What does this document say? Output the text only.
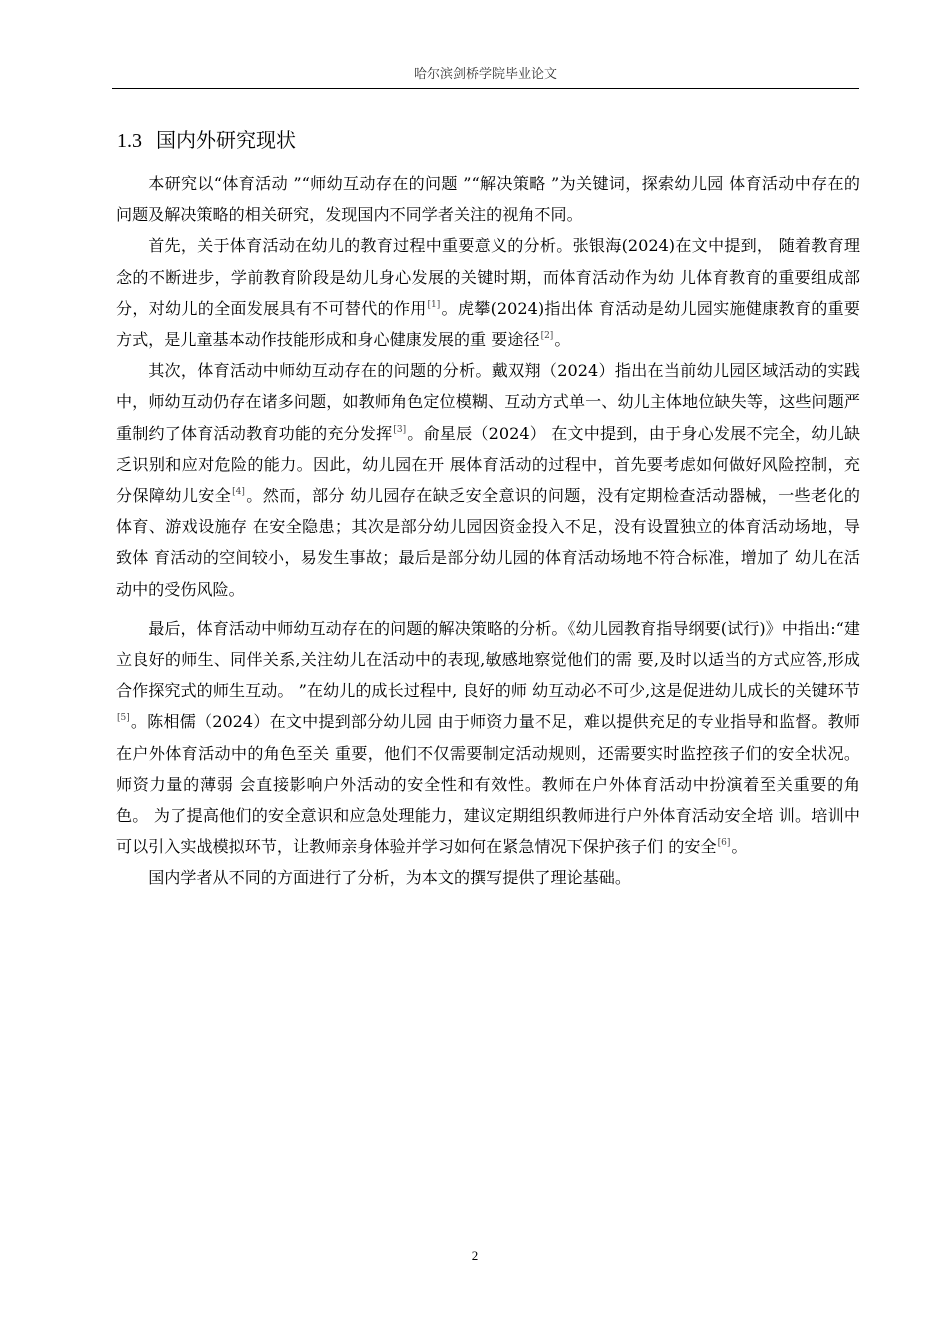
哈尔滨剑桥学院毕业论文
1.3 国内外研究现状

本研究以“体育活动 ”“师幼互动存在的问题 ”“解决策略 ”为关键词，探索幼儿园 体育活动中存在的问题及解决策略的相关研究，发现国内不同学者关注的视角不同。

首先，关于体育活动在幼儿的教育过程中重要意义的分析。张银海(2024)在文中提到， 随着教育理念的不断进步，学前教育阶段是幼儿身心发展的关键时期，而体育活动作为幼 儿体育教育的重要组成部分，对幼儿的全面发展具有不可替代的作用[1]。虎攀(2024)指出体 育活动是幼儿园实施健康教育的重要方式，是儿童基本动作技能形成和身心健康发展的重 要途径[2]。

其次，体育活动中师幼互动存在的问题的分析。戴双翔（2024）指出在当前幼儿园区域活动的实践中，师幼互动仍存在诸多问题，如教师角色定位模糊、互动方式单一、幼儿主体地位缺失等，这些问题严重制约了体育活动教育功能的充分发挥[3]。俞星辰（2024） 在文中提到，由于身心发展不完全，幼儿缺乏识别和应对危险的能力。因此，幼儿园在开 展体育活动的过程中，首先要考虑如何做好风险控制，充分保障幼儿安全[4]。然而，部分 幼儿园存在缺乏安全意识的问题，没有定期检查活动器械，一些老化的体育、游戏设施存 在安全隐患；其次是部分幼儿园因资金投入不足，没有设置独立的体育活动场地，导致体 育活动的空间较小，易发生事故；最后是部分幼儿园的体育活动场地不符合标准，增加了 幼儿在活动中的受伤风险。

最后，体育活动中师幼互动存在的问题的解决策略的分析。《幼儿园教育指导纲要(试行)》中指出:“建立良好的师生、同伴关系,关注幼儿在活动中的表现,敏感地察觉他们的需 要,及时以适当的方式应答,形成合作探究式的师生互动。 ”在幼儿的成长过程中, 良好的师 幼互动必不可少,这是促进幼儿成长的关键环节[5]。陈相儒（2024）在文中提到部分幼儿园 由于师资力量不足，难以提供充足的专业指导和监督。教师在户外体育活动中的角色至关 重要，他们不仅需要制定活动规则，还需要实时监控孩子们的安全状况。师资力量的薄弱 会直接影响户外活动的安全性和有效性。教师在户外体育活动中扮演着至关重要的角色。 为了提高他们的安全意识和应急处理能力，建议定期组织教师进行户外体育活动安全培 训。培训中可以引入实战模拟环节，让教师亲身体验并学习如何在紧急情况下保护孩子们 的安全[6]。

国内学者从不同的方面进行了分析，为本文的撰写提供了理论基础。

2
